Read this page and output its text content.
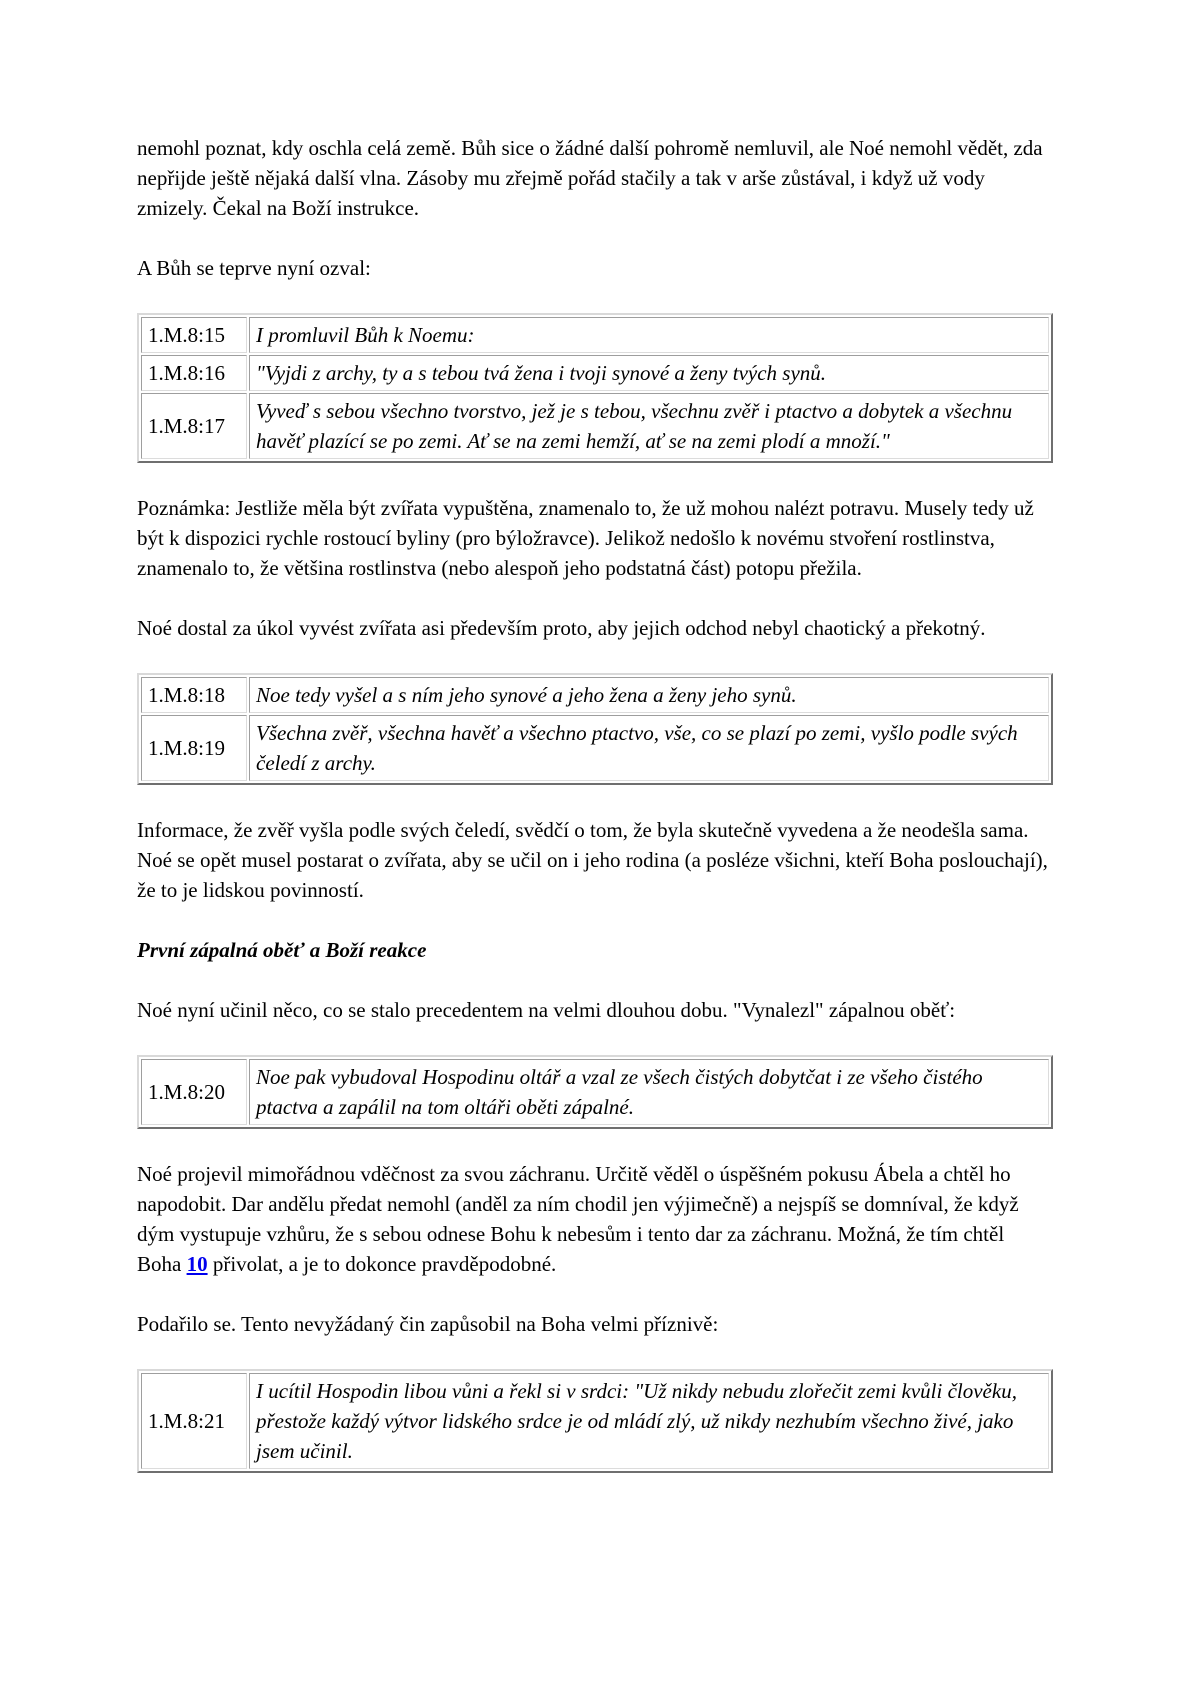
nemohl poznat, kdy oschla celá země. Bůh sice o žádné další pohromě nemluvil, ale Noé nemohl vědět, zda nepřijde ještě nějaká další vlna. Zásoby mu zřejmě pořád stačily a tak v arše zůstával, i když už vody zmizely. Čekal na Boží instrukce.

A Bůh se teprve nyní ozval:

1.M.8:15	I promluvil Bůh k Noemu:
1.M.8:16	"Vyjdi z archy, ty a s tebou tvá žena i tvoji synové a ženy tvých synů.
1.M.8:17	Vyveď s sebou všechno tvorstvo, jež je s tebou, všechnu zvěř i ptactvo a dobytek a všechnu havěť plazící se po zemi. Ať se na zemi hemží, ať se na zemi plodí a množí."

Poznámka: Jestliže měla být zvířata vypuštěna, znamenalo to, že už mohou nalézt potravu. Musely tedy už být k dispozici rychle rostoucí byliny (pro býložravce). Jelikož nedošlo k novému stvoření rostlinstva, znamenalo to, že většina rostlinstva (nebo alespoň jeho podstatná část) potopu přežila.

Noé dostal za úkol vyvést zvířata asi především proto, aby jejich odchod nebyl chaotický a překotný.

1.M.8:18	Noe tedy vyšel a s ním jeho synové a jeho žena a ženy jeho synů.
1.M.8:19	Všechna zvěř, všechna havěť a všechno ptactvo, vše, co se plazí po zemi, vyšlo podle svých čeledí z archy.

Informace, že zvěř vyšla podle svých čeledí, svědčí o tom, že byla skutečně vyvedena a že neodešla sama. Noé se opět musel postarat o zvířata, aby se učil on i jeho rodina (a posléze všichni, kteří Boha poslouchají), že to je lidskou povinností.

První zápalná oběť a Boží reakce

Noé nyní učinil něco, co se stalo precedentem na velmi dlouhou dobu. "Vynalezl" zápalnou oběť:

1.M.8:20	Noe pak vybudoval Hospodinu oltář a vzal ze všech čistých dobytčat i ze všeho čistého ptactva a zapálil na tom oltáři oběti zápalné.

Noé projevil mimořádnou vděčnost za svou záchranu. Určitě věděl o úspěšném pokusu Ábela a chtěl ho napodobit. Dar andělu předat nemohl (anděl za ním chodil jen výjimečně) a nejspíš se domníval, že když dým vystupuje vzhůru, že s sebou odnese Bohu k nebesům i tento dar za záchranu. Možná, že tím chtěl Boha 10 přivolat, a je to dokonce pravděpodobné.

Podařilo se. Tento nevyžádaný čin zapůsobil na Boha velmi příznivě:

1.M.8:21	I ucítil Hospodin libou vůni a řekl si v srdci: "Už nikdy nebudu zlořečit zemi kvůli člověku, přestože každý výtvor lidského srdce je od mládí zlý, už nikdy nezhubím všechno živé, jako jsem učinil.
